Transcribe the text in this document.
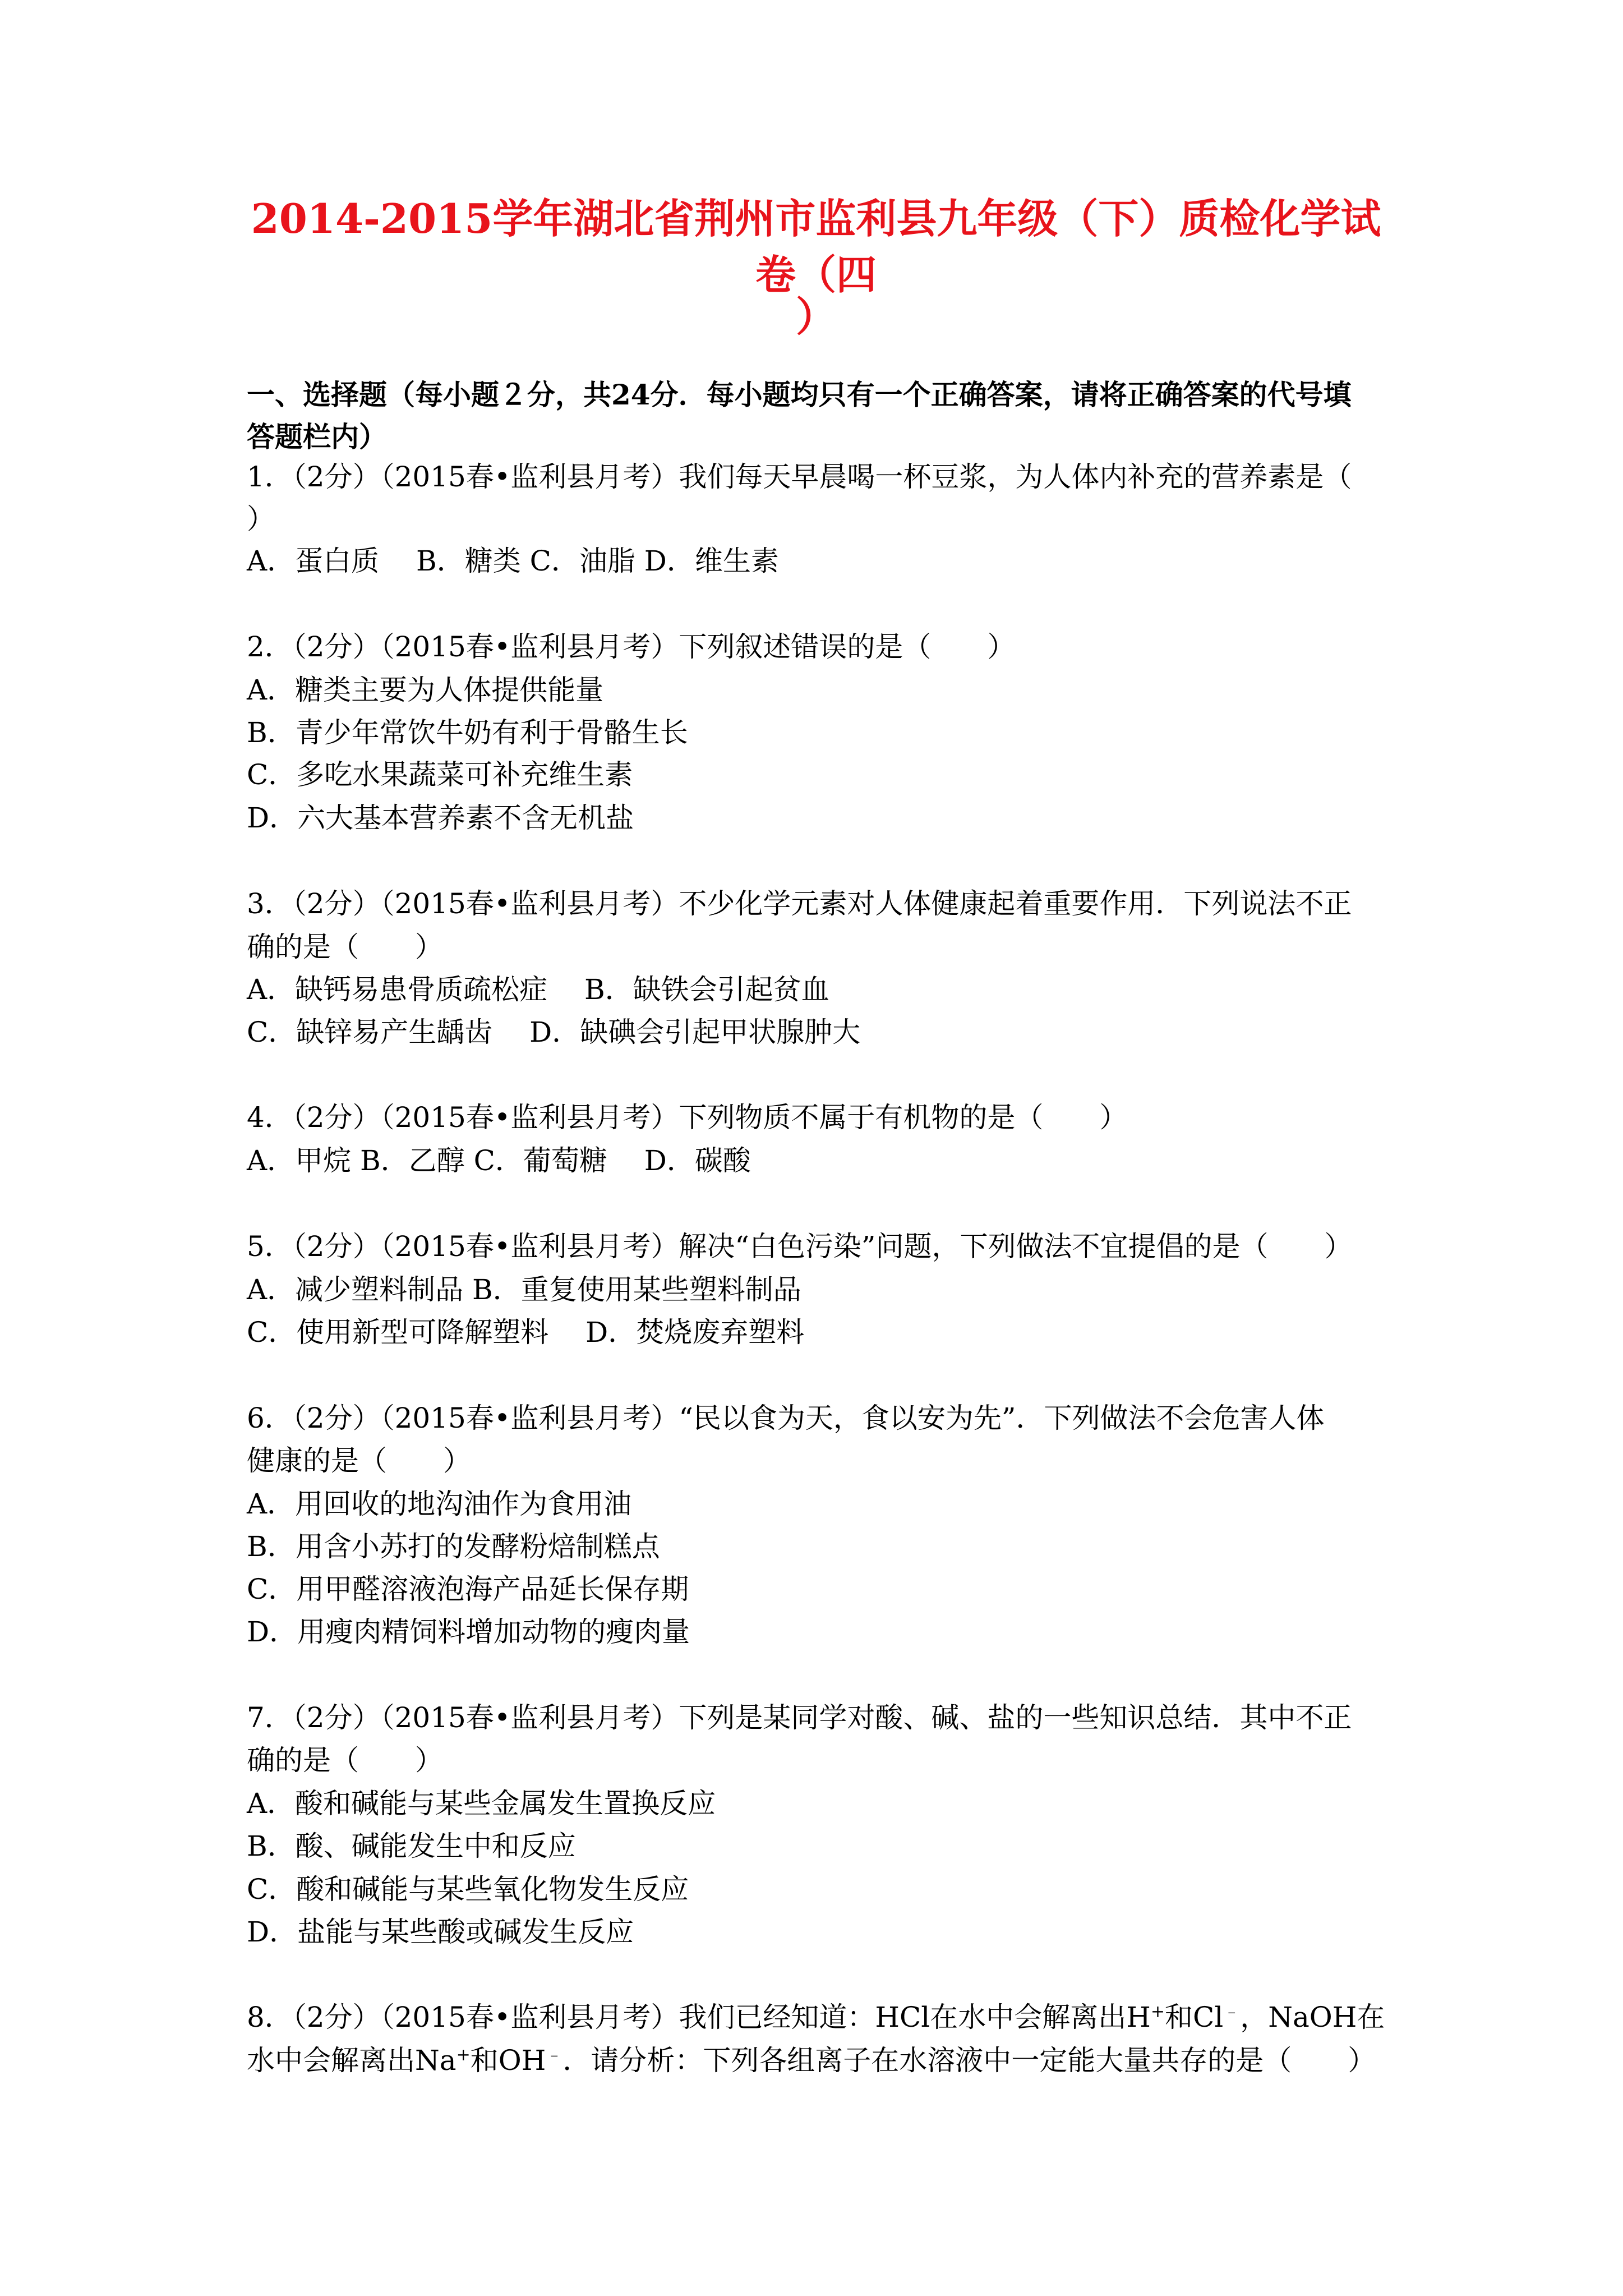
2014-2015学年湖北省荆州市监利县九年级（下）质检化学试卷（四

）

一、选择题（每小题２分，共24分．每小题均只有一个正确答案，请将正确答案的代号填

答题栏内）

1．（2分）（2015春•监利县月考）我们每天早晨喝一杯豆浆，为人体内补充的营养素是（

）

A．蛋白质　 B．糖类 C．油脂 D．维生素

2．（2分）（2015春•监利县月考）下列叙述错误的是（　　）

A．糖类主要为人体提供能量

B．青少年常饮牛奶有利于骨骼生长

C．多吃水果蔬菜可补充维生素

D．六大基本营养素不含无机盐

3．（2分）（2015春•监利县月考）不少化学元素对人体健康起着重要作用．下列说法不正

确的是（　　）

A．缺钙易患骨质疏松症　 B．缺铁会引起贫血

C．缺锌易产生龋齿　 D．缺碘会引起甲状腺肿大

4．（2分）（2015春•监利县月考）下列物质不属于有机物的是（　　）

A．甲烷 B．乙醇 C．葡萄糖　 D．碳酸

5．（2分）（2015春•监利县月考）解决“白色污染”问题，下列做法不宜提倡的是（　　）

A．减少塑料制品 B．重复使用某些塑料制品

C．使用新型可降解塑料　 D．焚烧废弃塑料

6．（2分）（2015春•监利县月考）“民以食为天，食以安为先”．下列做法不会危害人体

健康的是（　　）

A．用回收的地沟油作为食用油

B．用含小苏打的发酵粉焙制糕点

C．用甲醛溶液泡海产品延长保存期

D．用瘦肉精饲料增加动物的瘦肉量

7．（2分）（2015春•监利县月考）下列是某同学对酸、碱、盐的一些知识总结．其中不正

确的是（　　）

A．酸和碱能与某些金属发生置换反应

B．酸、碱能发生中和反应

C．酸和碱能与某些氧化物发生反应

D．盐能与某些酸或碱发生反应

8．（2分）（2015春•监利县月考）我们已经知道：HCl在水中会解离出H+和Cl﹣，NaOH在

水中会解离出Na+和OH﹣．请分析：下列各组离子在水溶液中一定能大量共存的是（　　）
